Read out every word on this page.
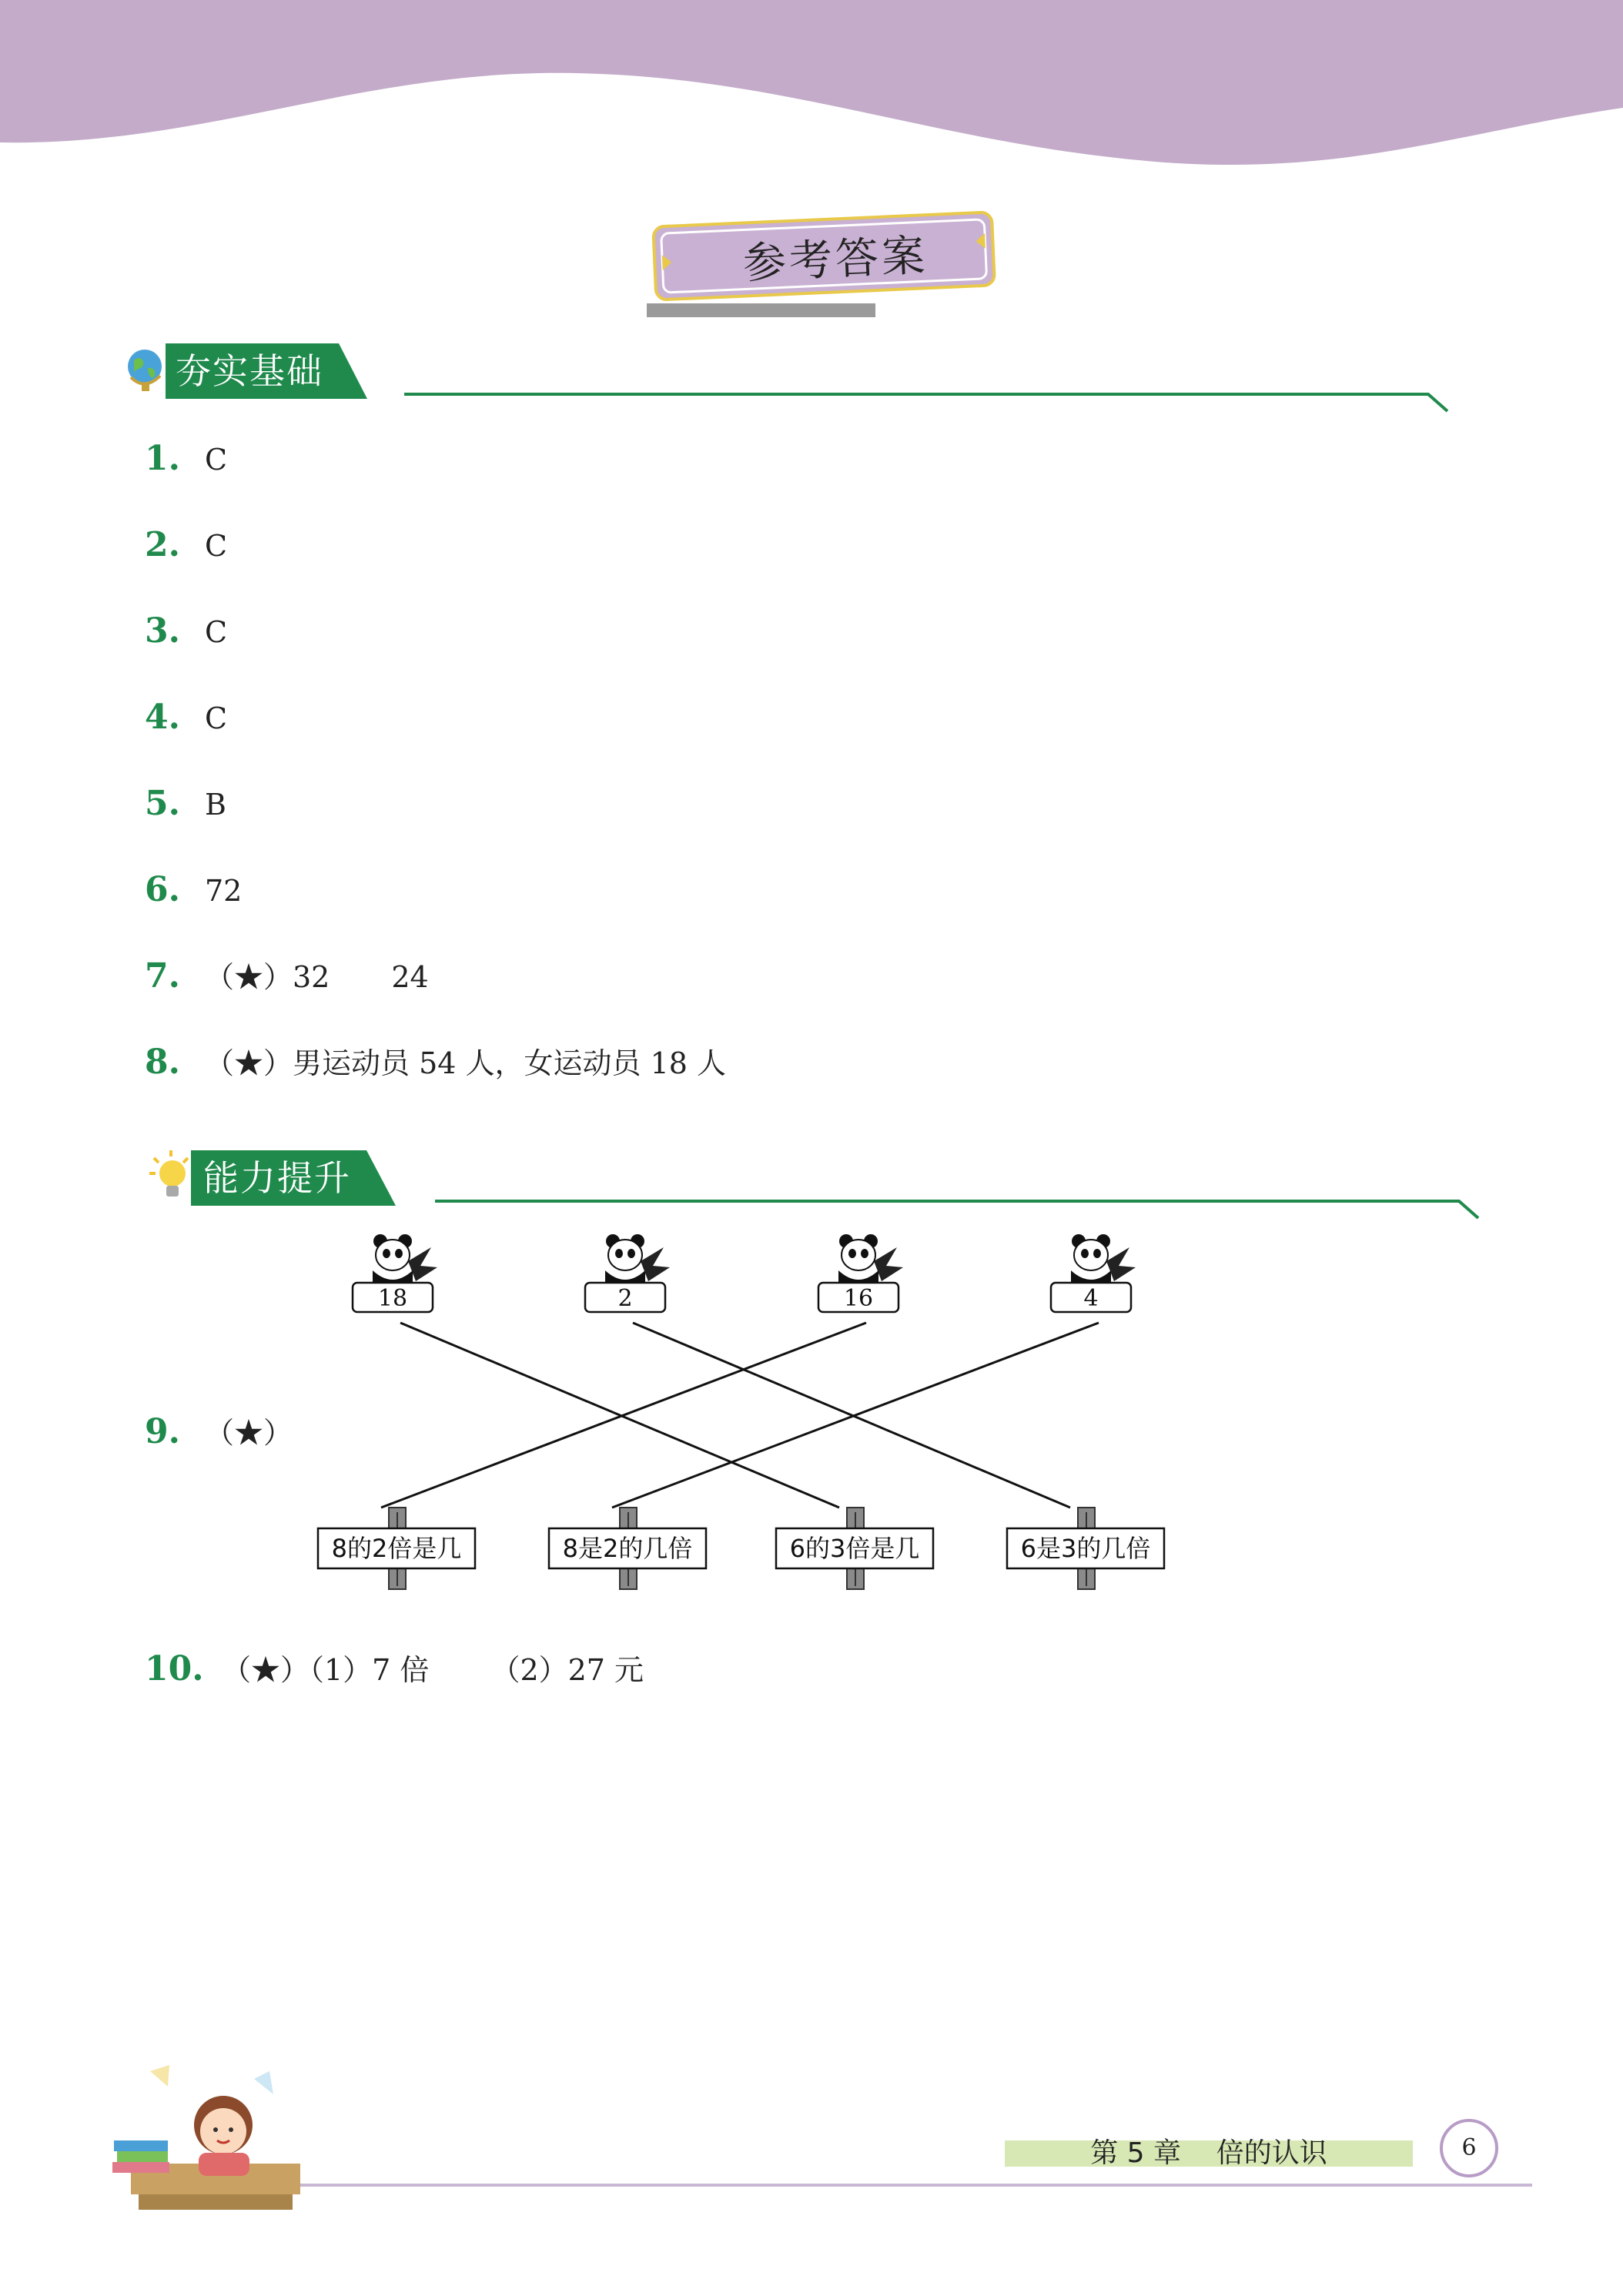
参考答案
夯实基础
1. C
2. C
3. C
4. C
5. B
6. 72
7. （★）32 24
8. （★）男运动员 54 人，女运动员 18 人
能力提升
9. （★）
18	2	16	4
8的2倍是几	8是2的几倍	6的3倍是几	6是3的几倍
10. （★）（1）7 倍 （2）27 元
第 5 章    倍的认识	6
